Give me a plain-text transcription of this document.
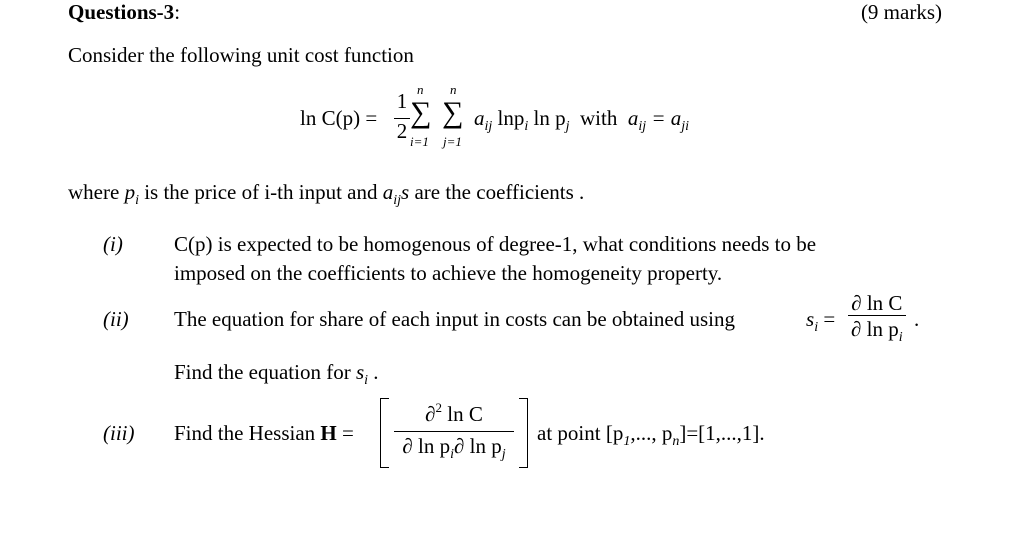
Questions-3:	(9 marks)
Consider the following unit cost function
ln C(p) =
1
2
n
∑
i=1
n
∑
j=1
$a_{ij}$ lnp$_i$ $\ln p_j$ with $a_{ij} = a_{ji}$
where $p_i$ is the price of i-th input and $a_{ij}s$ are the coefficients .
(i) C(p) is expected to be homogenous of degree-1, what conditions needs to be
imposed on the coefficients to achieve the homogeneity property.
(ii) The equation for share of each input in costs can be obtained using	$s_i = \frac{\text{∂ ln C}}{\partial \ln p_i}$ .
Find the equation for $s_i$ .
(iii) Find the Hessian $H = \frac{\partial^2 \ln C}{\partial \ln p_i\partial \ln p_j}$ at point [$p_1$,..., $p_n]=[1,...,1]$.
